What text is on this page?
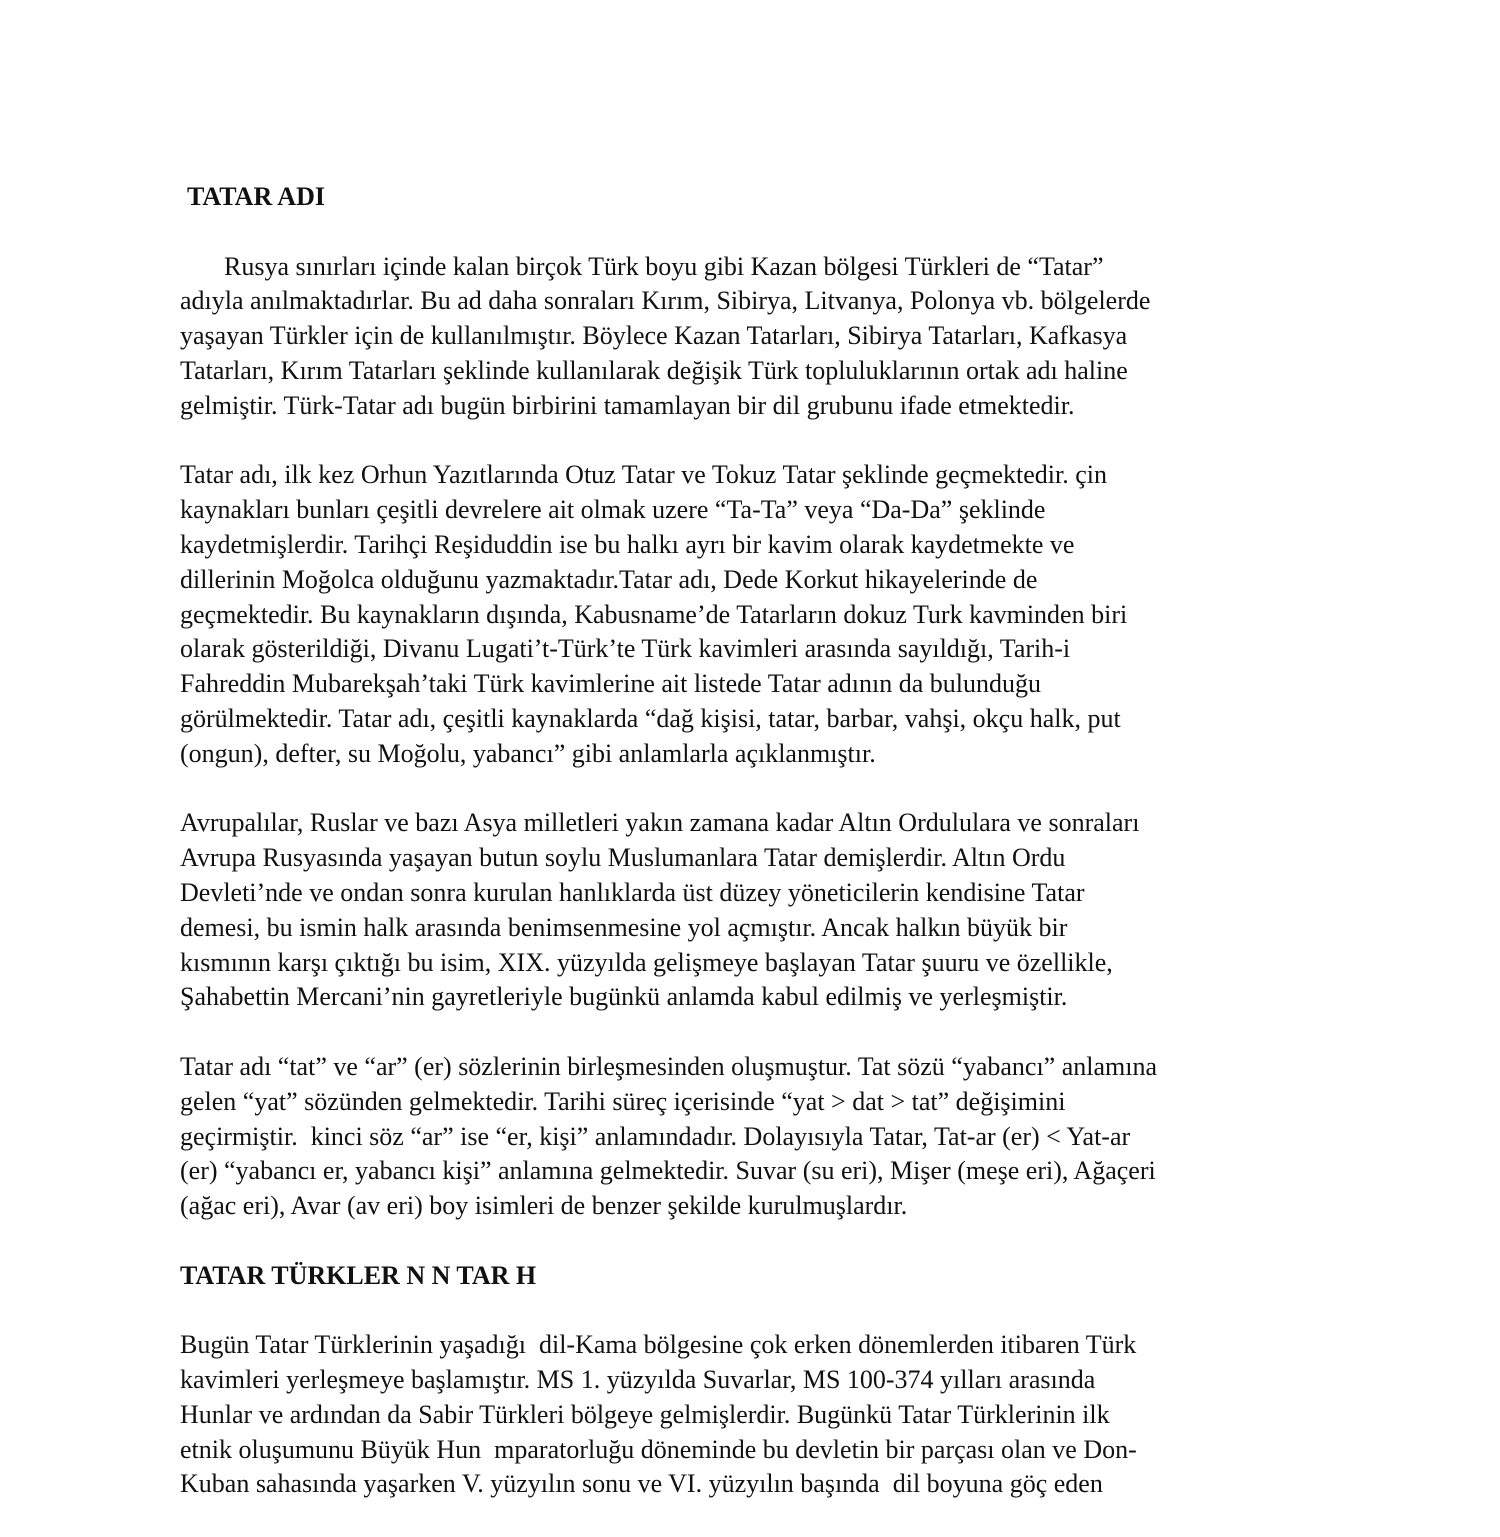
TATAR ADI
Rusya sınırları içinde kalan birçok Türk boyu gibi Kazan bölgesi Türkleri de “Tatar”
adıyla anılmaktadırlar. Bu ad daha sonraları Kırım, Sibirya, Litvanya, Polonya vb. bölgelerde
yaşayan Türkler için de kullanılmıştır. Böylece Kazan Tatarları, Sibirya Tatarları, Kafkasya
Tatarları, Kırım Tatarları şeklinde kullanılarak değişik Türk topluluklarının ortak adı haline
gelmiştir. Türk-Tatar adı bugün birbirini tamamlayan bir dil grubunu ifade etmektedir.
Tatar adı, ilk kez Orhun Yazıtlarında Otuz Tatar ve Tokuz Tatar şeklinde geçmektedir. çin
kaynakları bunları çeşitli devrelere ait olmak uzere “Ta-Ta” veya “Da-Da” şeklinde
kaydetmişlerdir. Tarihçi Reşiduddin ise bu halkı ayrı bir kavim olarak kaydetmekte ve
dillerinin Moğolca olduğunu yazmaktadır.Tatar adı, Dede Korkut hikayelerinde de
geçmektedir. Bu kaynakların dışında, Kabusname’de Tatarların dokuz Turk kavminden biri
olarak gösterildiği, Divanu Lugati’t-Türk’te Türk kavimleri arasında sayıldığı, Tarih-i
Fahreddin Mubarekşah’taki Türk kavimlerine ait listede Tatar adının da bulunduğu
görülmektedir. Tatar adı, çeşitli kaynaklarda “dağ kişisi, tatar, barbar, vahşi, okçu halk, put
(ongun), defter, su Moğolu, yabancı” gibi anlamlarla açıklanmıştır.
Avrupalılar, Ruslar ve bazı Asya milletleri yakın zamana kadar Altın Ordululara ve sonraları
Avrupa Rusyasında yaşayan butun soylu Muslumanlara Tatar demişlerdir. Altın Ordu
Devleti’nde ve ondan sonra kurulan hanlıklarda üst düzey yöneticilerin kendisine Tatar
demesi, bu ismin halk arasında benimsenmesine yol açmıştır. Ancak halkın büyük bir
kısmının karşı çıktığı bu isim, XIX. yüzyılda gelişmeye başlayan Tatar şuuru ve özellikle,
Şahabettin Mercani’nin gayretleriyle bugünkü anlamda kabul edilmiş ve yerleşmiştir.
Tatar adı “tat” ve “ar” (er) sözlerinin birleşmesinden oluşmuştur. Tat sözü “yabancı” anlamına
gelen “yat” sözünden gelmektedir. Tarihi süreç içerisinde “yat > dat > tat” değişimini
geçirmiştir.  kinci söz “ar” ise “er, kişi” anlamındadır. Dolayısıyla Tatar, Tat-ar (er) < Yat-ar
(er) “yabancı er, yabancı kişi” anlamına gelmektedir. Suvar (su eri), Mişer (meşe eri), Ağaçeri
(ağac eri), Avar (av eri) boy isimleri de benzer şekilde kurulmuşlardır.
TATAR TÜRKLER N N TAR H
Bugün Tatar Türklerinin yaşadığı  dil-Kama bölgesine çok erken dönemlerden itibaren Türk
kavimleri yerleşmeye başlamıştır. MS 1. yüzyılda Suvarlar, MS 100-374 yılları arasında
Hunlar ve ardından da Sabir Türkleri bölgeye gelmişlerdir. Bugünkü Tatar Türklerinin ilk
etnik oluşumunu Büyük Hun  mparatorluğu döneminde bu devletin bir parçası olan ve Don-
Kuban sahasında yaşarken V. yüzyılın sonu ve VI. yüzyılın başında  dil boyuna göç eden
